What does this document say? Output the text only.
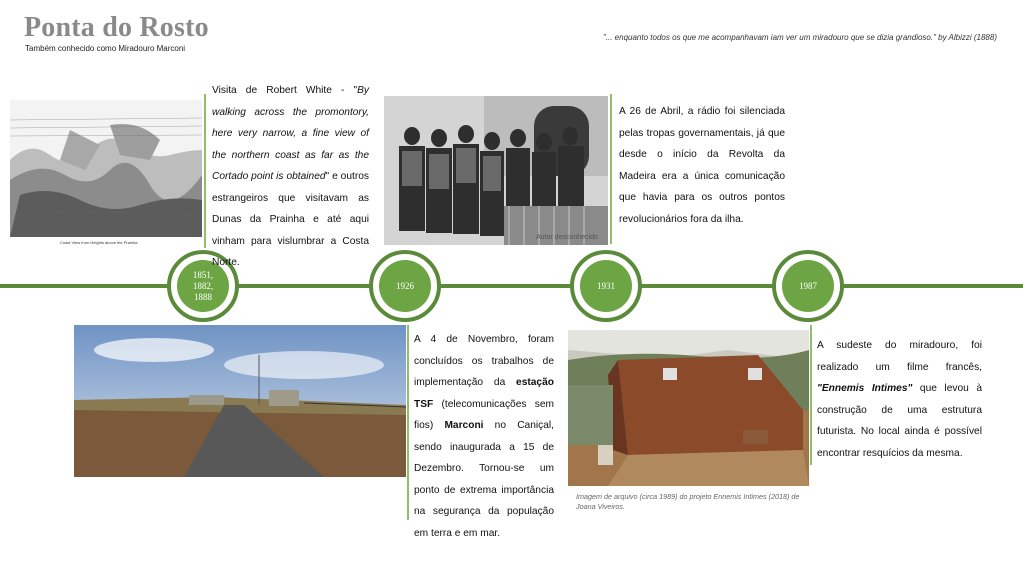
Ponta do Rosto
Também conhecido como Miradouro Marconi
"... enquanto todos os que me acompanhavam iam ver um miradouro que se dizia grandioso." by Albizzi (1888)
1851,
1882,
1888
1926	1931	1987
Coast View from Heights above the Prainha
Visita de Robert White - "By walking across the promontory, here very narrow, a fine view of the northern coast as far as the Cortado point is obtained" e outros estrangeiros que visitavam as Dunas da Prainha e até aqui vinham para vislumbrar a Costa Norte.
Autor desconhecido
A 26 de Abril, a rádio foi silenciada pelas tropas governamentais, já que desde o início da Revolta da Madeira era a única comunicação que havia para os outros pontos revolucionários fora da ilha.
A 4 de Novembro, foram concluídos os trabalhos de implementação da estação TSF (telecomunicações sem fios) Marconi no Caniçal, sendo inaugurada a 15 de Dezembro. Tornou-se um ponto de extrema importância na segurança da população em terra e em mar.
Imagem de arquivo (circa 1989) do projeto Ennemis Intimes (2018) de Joana Viveiros.
A sudeste do miradouro, foi realizado um filme francês, "Ennemis Intimes" que levou à construção de uma estrutura futurista. No local ainda é possível encontrar resquícios da mesma.
